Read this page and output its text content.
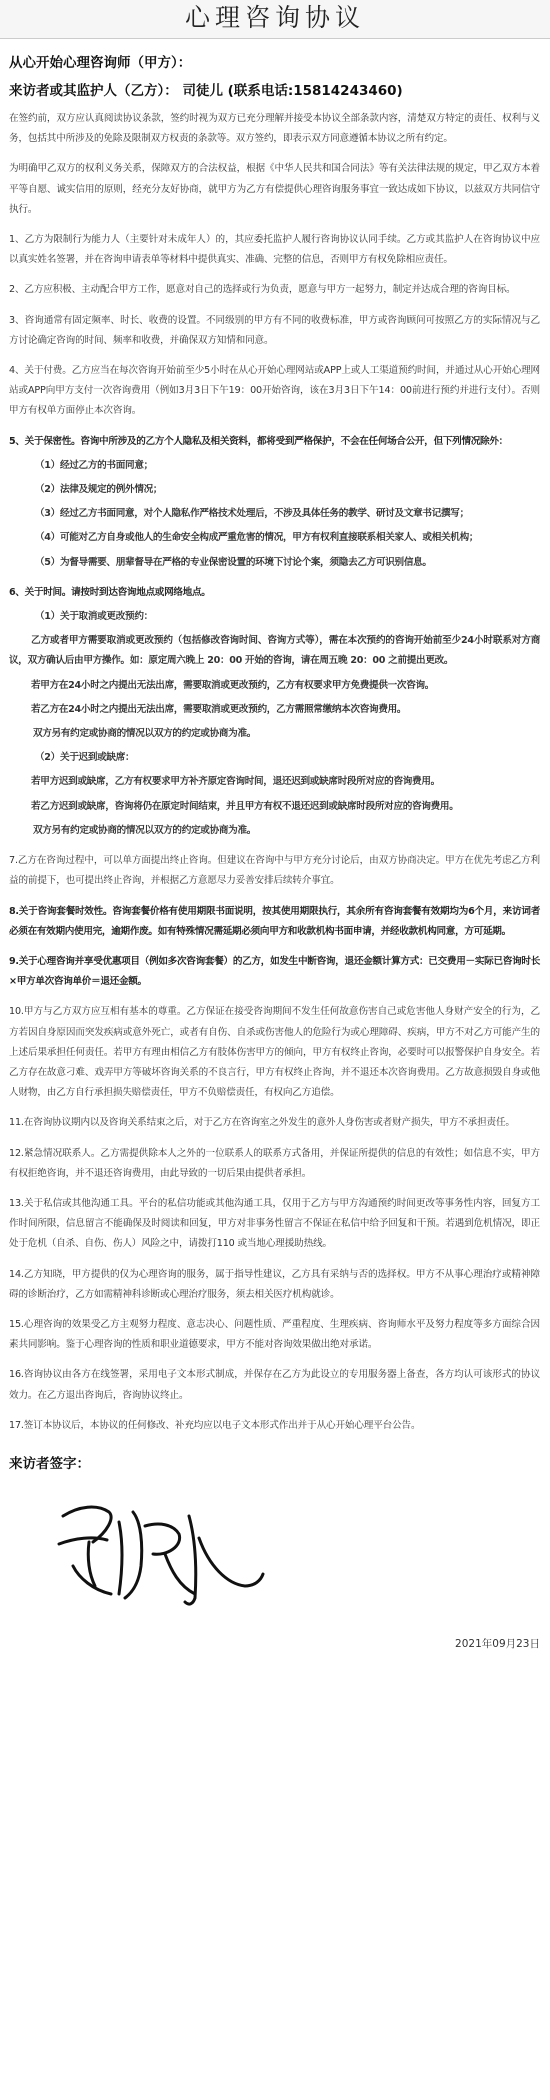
心理咨询协议

从心开始心理咨询师（甲方）：

来访者或其监护人（乙方）： 司徒儿 (联系电话:15814243460)

在签约前，双方应认真阅读协议条款，签约时视为双方已充分理解并接受本协议全部条款内容，清楚双方特定的责任、权利与义务，包括其中所涉及的免除及限制双方权责的条款等。双方签约，即表示双方同意遵循本协议之所有约定。

为明确甲乙双方的权利义务关系，保障双方的合法权益，根据《中华人民共和国合同法》等有关法律法规的规定，甲乙双方本着平等自愿、诚实信用的原则，经充分友好协商，就甲方为乙方有偿提供心理咨询服务事宜一致达成如下协议，以兹双方共同信守执行。

1、乙方为限制行为能力人（主要针对未成年人）的，其应委托监护人履行咨询协议认同手续。乙方或其监护人在咨询协议中应以真实姓名签署，并在咨询申请表单等材料中提供真实、准确、完整的信息，否则甲方有权免除相应责任。

2、乙方应积极、主动配合甲方工作，愿意对自己的选择或行为负责，愿意与甲方一起努力，制定并达成合理的咨询目标。

3、咨询通常有固定频率、时长、收费的设置。不同级别的甲方有不同的收费标准，甲方或咨询顾问可按照乙方的实际情况与乙方讨论确定咨询的时间、频率和收费，并确保双方知情和同意。

4、关于付费。乙方应当在每次咨询开始前至少5小时在从心开始心理网站或APP上或人工渠道预约时间，并通过从心开始心理网站或APP向甲方支付一次咨询费用（例如3月3日下午19：00开始咨询，该在3月3日下午14：00前进行预约并进行支付）。否则甲方有权单方面停止本次咨询。

5、关于保密性。咨询中所涉及的乙方个人隐私及相关资料，都将受到严格保护，不会在任何场合公开，但下列情况除外：

（1）经过乙方的书面同意；

（2）法律及规定的例外情况；

（3）经过乙方书面同意，对个人隐私作严格技术处理后，不涉及具体任务的教学、研讨及文章书记撰写；

（4）可能对乙方自身或他人的生命安全构成严重危害的情况，甲方有权利直接联系相关家人、或相关机构；

（5）为督导需要、朋辈督导在严格的专业保密设置的环境下讨论个案，须隐去乙方可识别信息。

6、关于时间。请按时到达咨询地点或网络地点。

（1）关于取消或更改预约：

乙方或者甲方需要取消或更改预约（包括修改咨询时间、咨询方式等），需在本次预约的咨询开始前至少24小时联系对方商议，双方确认后由甲方操作。如：原定周六晚上 20：00 开始的咨询，请在周五晚 20：00 之前提出更改。

若甲方在24小时之内提出无法出席，需要取消或更改预约，乙方有权要求甲方免费提供一次咨询。

若乙方在24小时之内提出无法出席，需要取消或更改预约，乙方需照常缴纳本次咨询费用。

双方另有约定或协商的情况以双方的约定或协商为准。

（2）关于迟到或缺席：

若甲方迟到或缺席，乙方有权要求甲方补齐原定咨询时间，退还迟到或缺席时段所对应的咨询费用。

若乙方迟到或缺席，咨询将仍在原定时间结束，并且甲方有权不退还迟到或缺席时段所对应的咨询费用。

双方另有约定或协商的情况以双方的约定或协商为准。

7.乙方在咨询过程中，可以单方面提出终止咨询。但建议在咨询中与甲方充分讨论后，由双方协商决定。甲方在优先考虑乙方利益的前提下，也可提出终止咨询，并根据乙方意愿尽力妥善安排后续转介事宜。

8.关于咨询套餐时效性。咨询套餐价格有使用期限书面说明，按其使用期限执行，其余所有咨询套餐有效期均为6个月，来访词者必须在有效期内使用完，逾期作废。如有特殊情况需延期必须向甲方和收款机构书面申请，并经收款机构同意，方可延期。

9.关于心理咨询并享受优惠项目（例如多次咨询套餐）的乙方，如发生中断咨询，退还金额计算方式：已交费用－实际已咨询时长×甲方单次咨询单价＝退还金额。

10.甲方与乙方双方应互相有基本的尊重。乙方保证在接受咨询期间不发生任何故意伤害自己或危害他人身财产安全的行为，乙方若因自身原因而突发疾病或意外死亡，或者有自伤、自杀或伤害他人的危险行为或心理障碍、疾病，甲方不对乙方可能产生的上述后果承担任何责任。若甲方有理由相信乙方有肢体伤害甲方的倾向，甲方有权终止咨询，必要时可以报警保护自身安全。若乙方存在故意刁难、戏弄甲方等破坏咨询关系的不良言行，甲方有权终止咨询，并不退还本次咨询费用。乙方故意损毁自身或他人财物，由乙方自行承担损失赔偿责任，甲方不负赔偿责任，有权向乙方追偿。

11.在咨询协议期内以及咨询关系结束之后，对于乙方在咨询室之外发生的意外人身伤害或者财产损失，甲方不承担责任。

12.紧急情况联系人。乙方需提供除本人之外的一位联系人的联系方式备用，并保证所提供的信息的有效性；如信息不实，甲方有权拒绝咨询，并不退还咨询费用，由此导致的一切后果由提供者承担。

13.关于私信或其他沟通工具。平台的私信功能或其他沟通工具，仅用于乙方与甲方沟通预约时间更改等事务性内容，回复方工作时间所限，信息留言不能确保及时阅读和回复，甲方对非事务性留言不保证在私信中给予回复和干预。若遇到危机情况，即正处于危机（自杀、自伤、伤人）风险之中，请拨打110 或当地心理援助热线。

14.乙方知晓，甲方提供的仅为心理咨询的服务，属于指导性建议，乙方具有采纳与否的选择权。甲方不从事心理治疗或精神障碍的诊断治疗，乙方如需精神科诊断或心理治疗服务，须去相关医疗机构就诊。

15.心理咨询的效果受乙方主观努力程度、意志决心、问题性质、严重程度、生理疾病、咨询师水平及努力程度等多方面综合因素共同影响。鉴于心理咨询的性质和职业道德要求，甲方不能对咨询效果做出绝对承诺。

16.咨询协议由各方在线签署，采用电子文本形式制成，并保存在乙方为此设立的专用服务器上备查，各方均认可该形式的协议效力。在乙方退出咨询后，咨询协议终止。

17.签订本协议后，本协议的任何修改、补充均应以电子文本形式作出并于从心开始心理平台公告。

来访者签字：

2021年09月23日
